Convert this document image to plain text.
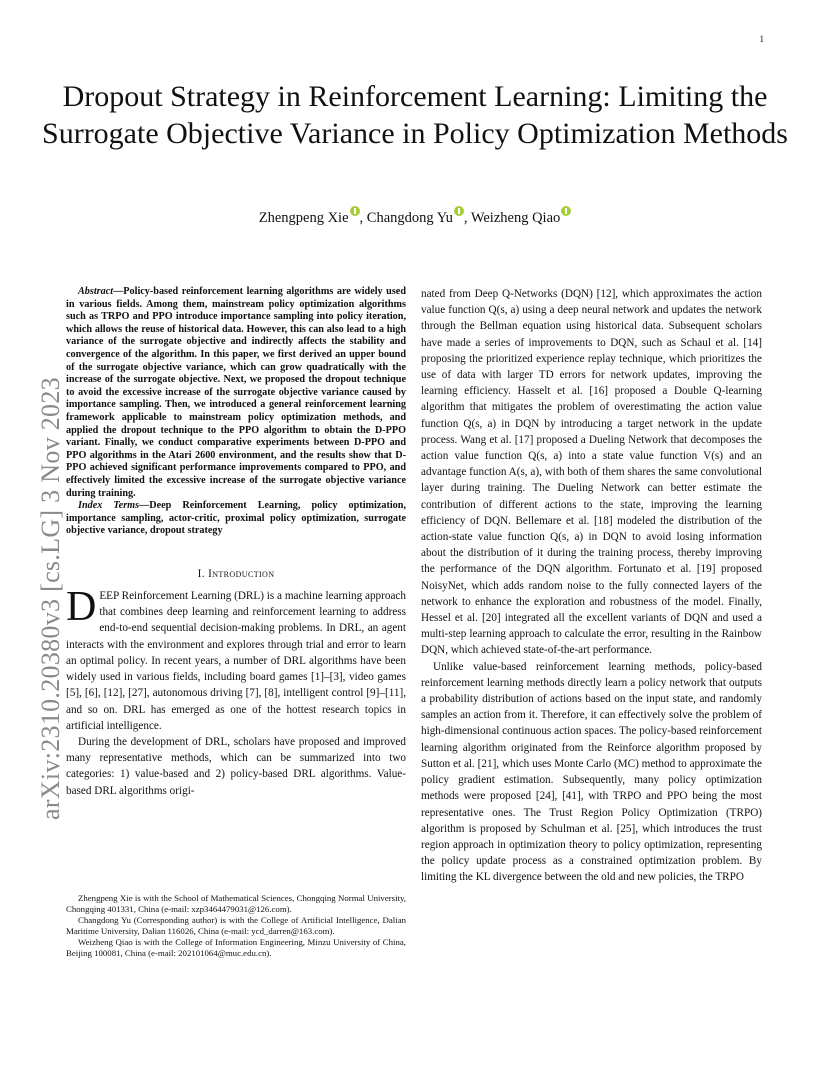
1
arXiv:2310.20380v3 [cs.LG] 3 Nov 2023
Dropout Strategy in Reinforcement Learning: Limiting the Surrogate Objective Variance in Policy Optimization Methods
Zhengpeng Xie , Changdong Yu , Weizheng Qiao

Abstract—Policy-based reinforcement learning algorithms are widely used in various fields. Among them, mainstream policy optimization algorithms such as TRPO and PPO introduce importance sampling into policy iteration, which allows the reuse of historical data. However, this can also lead to a high variance of the surrogate objective and indirectly affects the stability and convergence of the algorithm. In this paper, we first derived an upper bound of the surrogate objective variance, which can grow quadratically with the increase of the surrogate objective. Next, we proposed the dropout technique to avoid the excessive increase of the surrogate objective variance caused by importance sampling. Then, we introduced a general reinforcement learning framework applicable to mainstream policy optimization methods, and applied the dropout technique to the PPO algorithm to obtain the D-PPO variant. Finally, we conduct comparative experiments between D-PPO and PPO algorithms in the Atari 2600 environment, and the results show that D-PPO achieved significant performance improvements compared to PPO, and effectively limited the excessive increase of the surrogate objective variance during training.

Index Terms—Deep Reinforcement Learning, policy optimization, importance sampling, actor-critic, proximal policy optimization, surrogate objective variance, dropout strategy

I. Introduction

DEEP Reinforcement Learning (DRL) is a machine learning approach that combines deep learning and reinforcement learning to address end-to-end sequential decision-making problems. In DRL, an agent interacts with the environment and explores through trial and error to learn an optimal policy. In recent years, a number of DRL algorithms have been widely used in various fields, including board games [1]–[3], video games [5], [6], [12], [27], autonomous driving [7], [8], intelligent control [9]–[11], and so on. DRL has emerged as one of the hottest research topics in artificial intelligence.

During the development of DRL, scholars have proposed and improved many representative methods, which can be summarized into two categories: 1) value-based and 2) policy-based DRL algorithms. Value-based DRL algorithms origi-

Zhengpeng Xie is with the School of Mathematical Sciences, Chongqing Normal University, Chongqing 401331, China (e-mail: xzp3464479031@126.com).

Changdong Yu (Corresponding author) is with the College of Artificial Intelligence, Dalian Maritime University, Dalian 116026, China (e-mail: ycd_darren@163.com).

Weizheng Qiao is with the College of Information Engineering, Minzu University of China, Beijing 100081, China (e-mail: 202101064@muc.edu.cn).

nated from Deep Q-Networks (DQN) [12], which approximates the action value function Q(s, a) using a deep neural network and updates the network through the Bellman equation using historical data. Subsequent scholars have made a series of improvements to DQN, such as Schaul et al. [14] proposing the prioritized experience replay technique, which prioritizes the use of data with larger TD errors for network updates, improving the learning efficiency. Hasselt et al. [16] proposed a Double Q-learning algorithm that mitigates the problem of overestimating the action value function Q(s, a) in DQN by introducing a target network in the update process. Wang et al. [17] proposed a Dueling Network that decomposes the action value function Q(s, a) into a state value function V(s) and an advantage function A(s, a), with both of them shares the same convolutional layer during training. The Dueling Network can better estimate the contribution of different actions to the state, improving the learning efficiency of DQN. Bellemare et al. [18] modeled the distribution of the action-state value function Q(s, a) in DQN to avoid losing information about the distribution of it during the training process, thereby improving the performance of the DQN algorithm. Fortunato et al. [19] proposed NoisyNet, which adds random noise to the fully connected layers of the network to enhance the exploration and robustness of the model. Finally, Hessel et al. [20] integrated all the excellent variants of DQN and used a multi-step learning approach to calculate the error, resulting in the Rainbow DQN, which achieved state-of-the-art performance.

Unlike value-based reinforcement learning methods, policy-based reinforcement learning methods directly learn a policy network that outputs a probability distribution of actions based on the input state, and randomly samples an action from it. Therefore, it can effectively solve the problem of high-dimensional continuous action spaces. The policy-based reinforcement learning algorithm originated from the Reinforce algorithm proposed by Sutton et al. [21], which uses Monte Carlo (MC) method to approximate the policy gradient estimation. Subsequently, many policy optimization methods were proposed [24], [41], with TRPO and PPO being the most representative ones. The Trust Region Policy Optimization (TRPO) algorithm is proposed by Schulman et al. [25], which introduces the trust region approach in optimization theory to policy optimization, representing the policy update process as a constrained optimization problem. By limiting the KL divergence between the old and new policies, the TRPO
